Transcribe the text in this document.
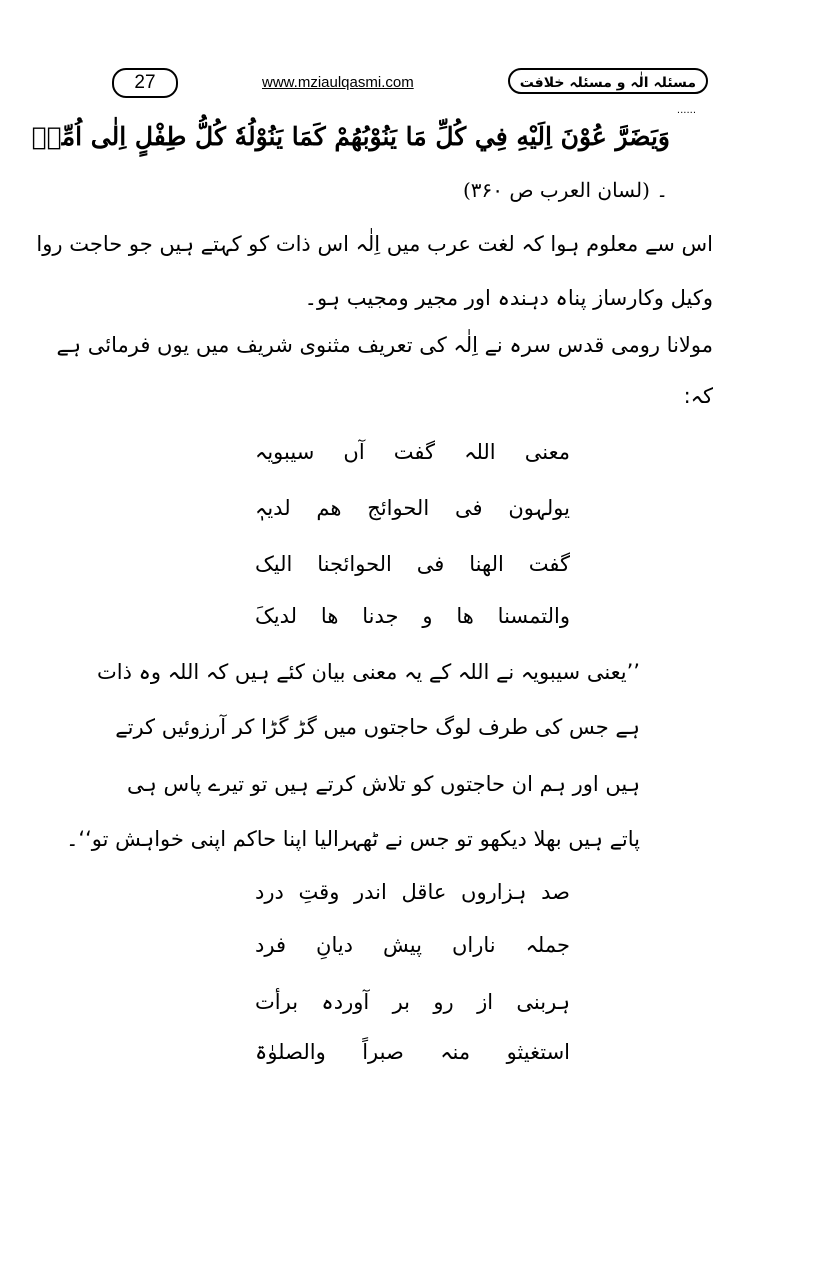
27	www.mziaulqasmi.com	مسئلہ الٰہ و مسئلہ خلافت ......
وَيَضَرَّ عُوْنَ اِلَيْهِ فِي كُلِّ مَا يَنُوْبُهُمْ كَمَا يَنُوْلُهٗ كُلُّ طِفْلٍ اِلٰی اُمِّهٖ
۔ (لسان العرب ص ۳۶۰)
اس سے معلوم ہوا کہ لغت عرب میں اِلٰہ اس ذات کو کہتے ہیں جو حاجت روا
وکیل وکارساز پناہ دہندہ اور مجیر ومجیب ہو۔
مولانا رومی قدس سرہ نے اِلٰہ کی تعریف مثنوی شریف میں یوں فرمائی ہے
کہ:
معنی
اللہ
گفت
آں
سیبویہ
یولہون
فی
الحوائج
ھم
لدیہٖ
گفت
الھنا
فی
الحوائجنا
الیک
والتمسنا
ھا
و
جدنا
ھا
لدیکَ
’’یعنی سیبویہ نے اللہ کے یہ معنی بیان کئے ہیں کہ اللہ وہ ذات
ہے جس کی طرف لوگ حاجتوں میں گڑ گڑا کر آرزوئیں کرتے
ہیں اور ہم ان حاجتوں کو تلاش کرتے ہیں تو تیرے پاس ہی
پاتے ہیں بھلا دیکھو تو جس نے ٹھہرالیا اپنا حاکم اپنی خواہش تو‘‘۔
صد
ہزاروں
عاقل
اندر
وقتِ
درد
جملہ
ناراں
پیش
دیانِ
فرد
ہربنی
از
رو
بر
آوردہ
برأت
استغیثو
منہ
صبراً
والصلوٰۃ
